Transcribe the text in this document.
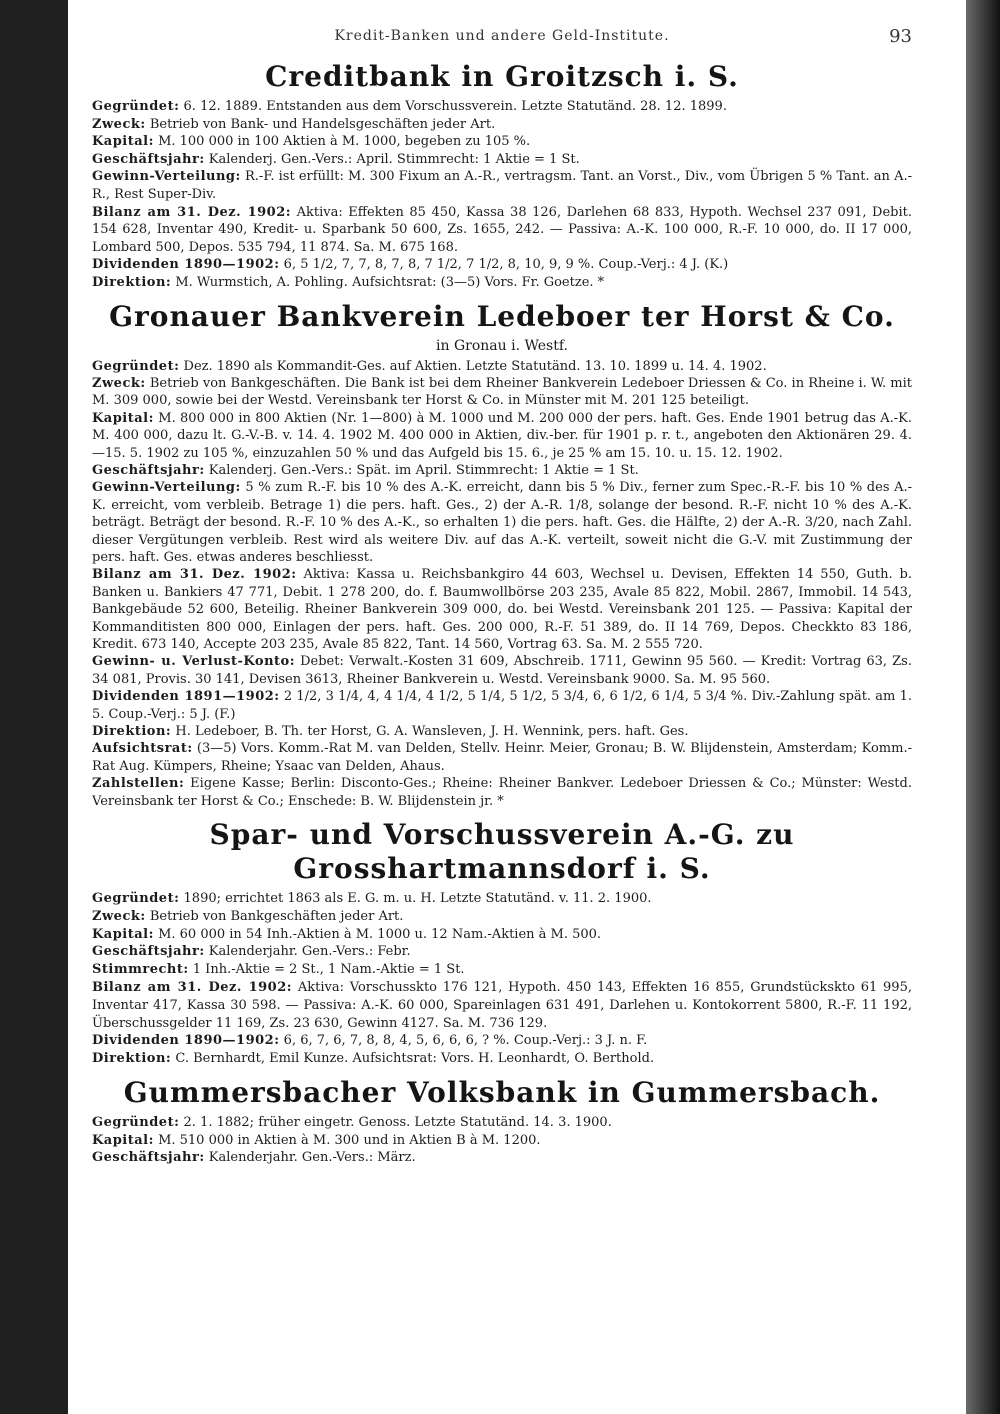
Kredit-Banken und andere Geld-Institute.	93
Creditbank in Groitzsch i. S.

Gegründet: 6. 12. 1889. Entstanden aus dem Vorschussverein. Letzte Statutänd. 28. 12. 1899.

Zweck: Betrieb von Bank- und Handelsgeschäften jeder Art.

Kapital: M. 100 000 in 100 Aktien à M. 1000, begeben zu 105 %.

Geschäftsjahr: Kalenderj. Gen.-Vers.: April. Stimmrecht: 1 Aktie = 1 St.

Gewinn-Verteilung: R.-F. ist erfüllt: M. 300 Fixum an A.-R., vertragsm. Tant. an Vorst., Div., vom Übrigen 5 % Tant. an A.-R., Rest Super-Div.

Bilanz am 31. Dez. 1902: Aktiva: Effekten 85 450, Kassa 38 126, Darlehen 68 833, Hypoth. Wechsel 237 091, Debit. 154 628, Inventar 490, Kredit- u. Sparbank 50 600, Zs. 1655, 242. — Passiva: A.-K. 100 000, R.-F. 10 000, do. II 17 000, Lombard 500, Depos. 535 794, 11 874. Sa. M. 675 168.

Dividenden 1890—1902: 6, 5 1/2, 7, 7, 8, 7, 8, 7 1/2, 7 1/2, 8, 10, 9, 9 %. Coup.-Verj.: 4 J. (K.)

Direktion: M. Wurmstich, A. Pohling. Aufsichtsrat: (3—5) Vors. Fr. Goetze. *

Gronauer Bankverein Ledeboer ter Horst & Co.
in Gronau i. Westf.

Gegründet: Dez. 1890 als Kommandit-Ges. auf Aktien. Letzte Statutänd. 13. 10. 1899 u. 14. 4. 1902.

Zweck: Betrieb von Bankgeschäften. Die Bank ist bei dem Rheiner Bankverein Ledeboer Driessen & Co. in Rheine i. W. mit M. 309 000, sowie bei der Westd. Vereinsbank ter Horst & Co. in Münster mit M. 201 125 beteiligt.

Kapital: M. 800 000 in 800 Aktien (Nr. 1—800) à M. 1000 und M. 200 000 der pers. haft. Ges. Ende 1901 betrug das A.-K. M. 400 000, dazu lt. G.-V.-B. v. 14. 4. 1902 M. 400 000 in Aktien, div.-ber. für 1901 p. r. t., angeboten den Aktionären 29. 4.—15. 5. 1902 zu 105 %, einzuzahlen 50 % und das Aufgeld bis 15. 6., je 25 % am 15. 10. u. 15. 12. 1902.

Geschäftsjahr: Kalenderj. Gen.-Vers.: Spät. im April. Stimmrecht: 1 Aktie = 1 St.

Gewinn-Verteilung: 5 % zum R.-F. bis 10 % des A.-K. erreicht, dann bis 5 % Div., ferner zum Spec.-R.-F. bis 10 % des A.-K. erreicht, vom verbleib. Betrage 1) die pers. haft. Ges., 2) der A.-R. 1/8, solange der besond. R.-F. nicht 10 % des A.-K. beträgt. Beträgt der besond. R.-F. 10 % des A.-K., so erhalten 1) die pers. haft. Ges. die Hälfte, 2) der A.-R. 3/20, nach Zahl. dieser Vergütungen verbleib. Rest wird als weitere Div. auf das A.-K. verteilt, soweit nicht die G.-V. mit Zustimmung der pers. haft. Ges. etwas anderes beschliesst.

Bilanz am 31. Dez. 1902: Aktiva: Kassa u. Reichsbankgiro 44 603, Wechsel u. Devisen, Effekten 14 550, Guth. b. Banken u. Bankiers 47 771, Debit. 1 278 200, do. f. Baumwollbörse 203 235, Avale 85 822, Mobil. 2867, Immobil. 14 543, Bankgebäude 52 600, Beteilig. Rheiner Bankverein 309 000, do. bei Westd. Vereinsbank 201 125. — Passiva: Kapital der Kommanditisten 800 000, Einlagen der pers. haft. Ges. 200 000, R.-F. 51 389, do. II 14 769, Depos. Checkkto 83 186, Kredit. 673 140, Accepte 203 235, Avale 85 822, Tant. 14 560, Vortrag 63. Sa. M. 2 555 720.

Gewinn- u. Verlust-Konto: Debet: Verwalt.-Kosten 31 609, Abschreib. 1711, Gewinn 95 560. — Kredit: Vortrag 63, Zs. 34 081, Provis. 30 141, Devisen 3613, Rheiner Bankverein u. Westd. Vereinsbank 9000. Sa. M. 95 560.

Dividenden 1891—1902: 2 1/2, 3 1/4, 4, 4 1/4, 4 1/2, 5 1/4, 5 1/2, 5 3/4, 6, 6 1/2, 6 1/4, 5 3/4 %. Div.-Zahlung spät. am 1. 5. Coup.-Verj.: 5 J. (F.)

Direktion: H. Ledeboer, B. Th. ter Horst, G. A. Wansleven, J. H. Wennink, pers. haft. Ges.

Aufsichtsrat: (3—5) Vors. Komm.-Rat M. van Delden, Stellv. Heinr. Meier, Gronau; B. W. Blijdenstein, Amsterdam; Komm.-Rat Aug. Kümpers, Rheine; Ysaac van Delden, Ahaus.

Zahlstellen: Eigene Kasse; Berlin: Disconto-Ges.; Rheine: Rheiner Bankver. Ledeboer Driessen & Co.; Münster: Westd. Vereinsbank ter Horst & Co.; Enschede: B. W. Blijdenstein jr. *

Spar- und Vorschussverein A.-G. zu Grosshartmannsdorf i. S.

Gegründet: 1890; errichtet 1863 als E. G. m. u. H. Letzte Statutänd. v. 11. 2. 1900.

Zweck: Betrieb von Bankgeschäften jeder Art.

Kapital: M. 60 000 in 54 Inh.-Aktien à M. 1000 u. 12 Nam.-Aktien à M. 500.

Geschäftsjahr: Kalenderjahr. Gen.-Vers.: Febr.

Stimmrecht: 1 Inh.-Aktie = 2 St., 1 Nam.-Aktie = 1 St.

Bilanz am 31. Dez. 1902: Aktiva: Vorschusskto 176 121, Hypoth. 450 143, Effekten 16 855, Grundstückskto 61 995, Inventar 417, Kassa 30 598. — Passiva: A.-K. 60 000, Spareinlagen 631 491, Darlehen u. Kontokorrent 5800, R.-F. 11 192, Überschussgelder 11 169, Zs. 23 630, Gewinn 4127. Sa. M. 736 129.

Dividenden 1890—1902: 6, 6, 7, 6, 7, 8, 8, 4, 5, 6, 6, 6, ? %. Coup.-Verj.: 3 J. n. F.

Direktion: C. Bernhardt, Emil Kunze. Aufsichtsrat: Vors. H. Leonhardt, O. Berthold.

Gummersbacher Volksbank in Gummersbach.

Gegründet: 2. 1. 1882; früher eingetr. Genoss. Letzte Statutänd. 14. 3. 1900.

Kapital: M. 510 000 in Aktien à M. 300 und in Aktien B à M. 1200.

Geschäftsjahr: Kalenderjahr. Gen.-Vers.: März.
